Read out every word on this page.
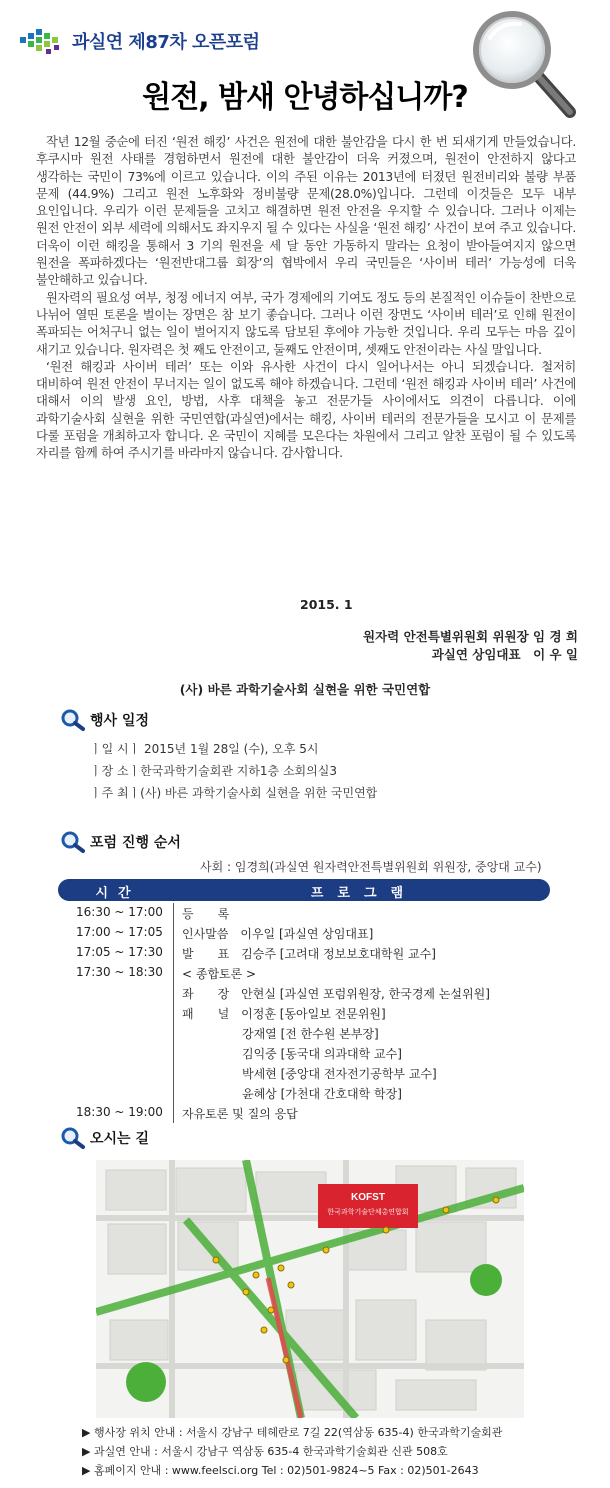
과실연 제87차 오픈포럼
원전, 밤새 안녕하십니까?

작년 12월 중순에 터진 ‘원전 해킹’ 사건은 원전에 대한 불안감을 다시 한 번 되새기게 만들었습니다. 후쿠시마 원전 사태를 경험하면서 원전에 대한 불안감이 더욱 커졌으며, 원전이 안전하지 않다고 생각하는 국민이 73%에 이르고 있습니다. 이의 주된 이유는 2013년에 터졌던 원전비리와 불량 부품 문제 (44.9%) 그리고 원전 노후화와 정비불량 문제(28.0%)입니다. 그런데 이것들은 모두 내부 요인입니다. 우리가 이런 문제들을 고치고 해결하면 원전 안전을 우지할 수 있습니다. 그러나 이제는 원전 안전이 외부 세력에 의해서도 좌지우지 될 수 있다는 사실을 ‘원전 해킹’ 사건이 보여 주고 있습니다. 더욱이 이런 해킹을 통해서 3 기의 원전을 세 달 동안 가동하지 말라는 요청이 받아들여지지 않으면 원전을 폭파하겠다는 ‘원전반대그룹 회장’의 협박에서 우리 국민들은 ‘사이버 테러’ 가능성에 더욱 불안해하고 있습니다.

원자력의 필요성 여부, 청정 에너지 여부, 국가 경제에의 기여도 정도 등의 본질적인 이슈들이 찬반으로 나뉘어 열띤 토론을 벌이는 장면은 참 보기 좋습니다. 그러나 이런 장면도 ‘사이버 테러’로 인해 원전이 폭파되는 어처구니 없는 일이 벌어지지 않도록 담보된 후에야 가능한 것입니다. 우리 모두는 마음 깊이 새기고 있습니다. 원자력은 첫 째도 안전이고, 둘째도 안전이며, 셋째도 안전이라는 사실 말입니다.

‘원전 해킹과 사이버 테러’ 또는 이와 유사한 사건이 다시 일어나서는 아니 되겠습니다. 철저히 대비하여 원전 안전이 무너지는 일이 없도록 해야 하겠습니다. 그런데 ‘원전 해킹과 사이버 테러’ 사건에 대해서 이의 발생 요인, 방법, 사후 대책을 놓고 전문가들 사이에서도 의견이 다릅니다. 이에 과학기술사회 실현을 위한 국민연합(과실연)에서는 해킹, 사이버 테러의 전문가들을 모시고 이 문제를 다룰 포럼을 개최하고자 합니다. 온 국민이 지혜를 모은다는 차원에서 그리고 알찬 포럼이 될 수 있도록 자리를 함께 하여 주시기를 바라마지 않습니다. 감사합니다.

2015. 1
원자력 안전특별위원회 위원장 임 경 희
과실연 상임대표　이 우 일
(사) 바른 과학기술사회 실현을 위한 국민연합
행사 일정
ㅣ일 시ㅣ 2015년 1월 28일 (수), 오후 5시
ㅣ장 소ㅣ한국과학기술회관 지하1층 소회의실3
ㅣ주 최ㅣ(사) 바른 과학기술사회 실현을 위한 국민연합
포럼 진행 순서
사회 : 임경희(과실연 원자력안전특별위원회 위원장, 중앙대 교수)
시간	프로그램
16:30 ~ 17:00 등　　록
17:00 ~ 17:05 인사말씀　이우일 [과실연 상임대표]
17:05 ~ 17:30 발　　표　김승주 [고려대 정보보호대학원 교수]
17:30 ~ 18:30 < 종합토론 >
좌　　장　안현실 [과실연 포럼위원장, 한국경제 논설위원]
패　　널　이정훈 [동아일보 전문위원]
　　　　　강재열 [전 한수원 본부장]
　　　　　김익중 [동국대 의과대학 교수]
　　　　　박세현 [중앙대 전자전기공학부 교수]
　　　　　윤혜상 [가천대 간호대학 학장]
18:30 ~ 19:00 자유토론 및 질의 응답
오시는 길
KOFST
한국과학기술단체총연합회
▶ 행사장 위치 안내 : 서울시 강남구 테헤란로 7길 22(역삼동 635-4) 한국과학기술회관
▶ 과실연 안내 : 서울시 강남구 역삼동 635-4 한국과학기술회관 신관 508호
▶ 홈페이지 안내 : www.feelsci.org Tel : 02)501-9824~5 Fax : 02)501-2643
